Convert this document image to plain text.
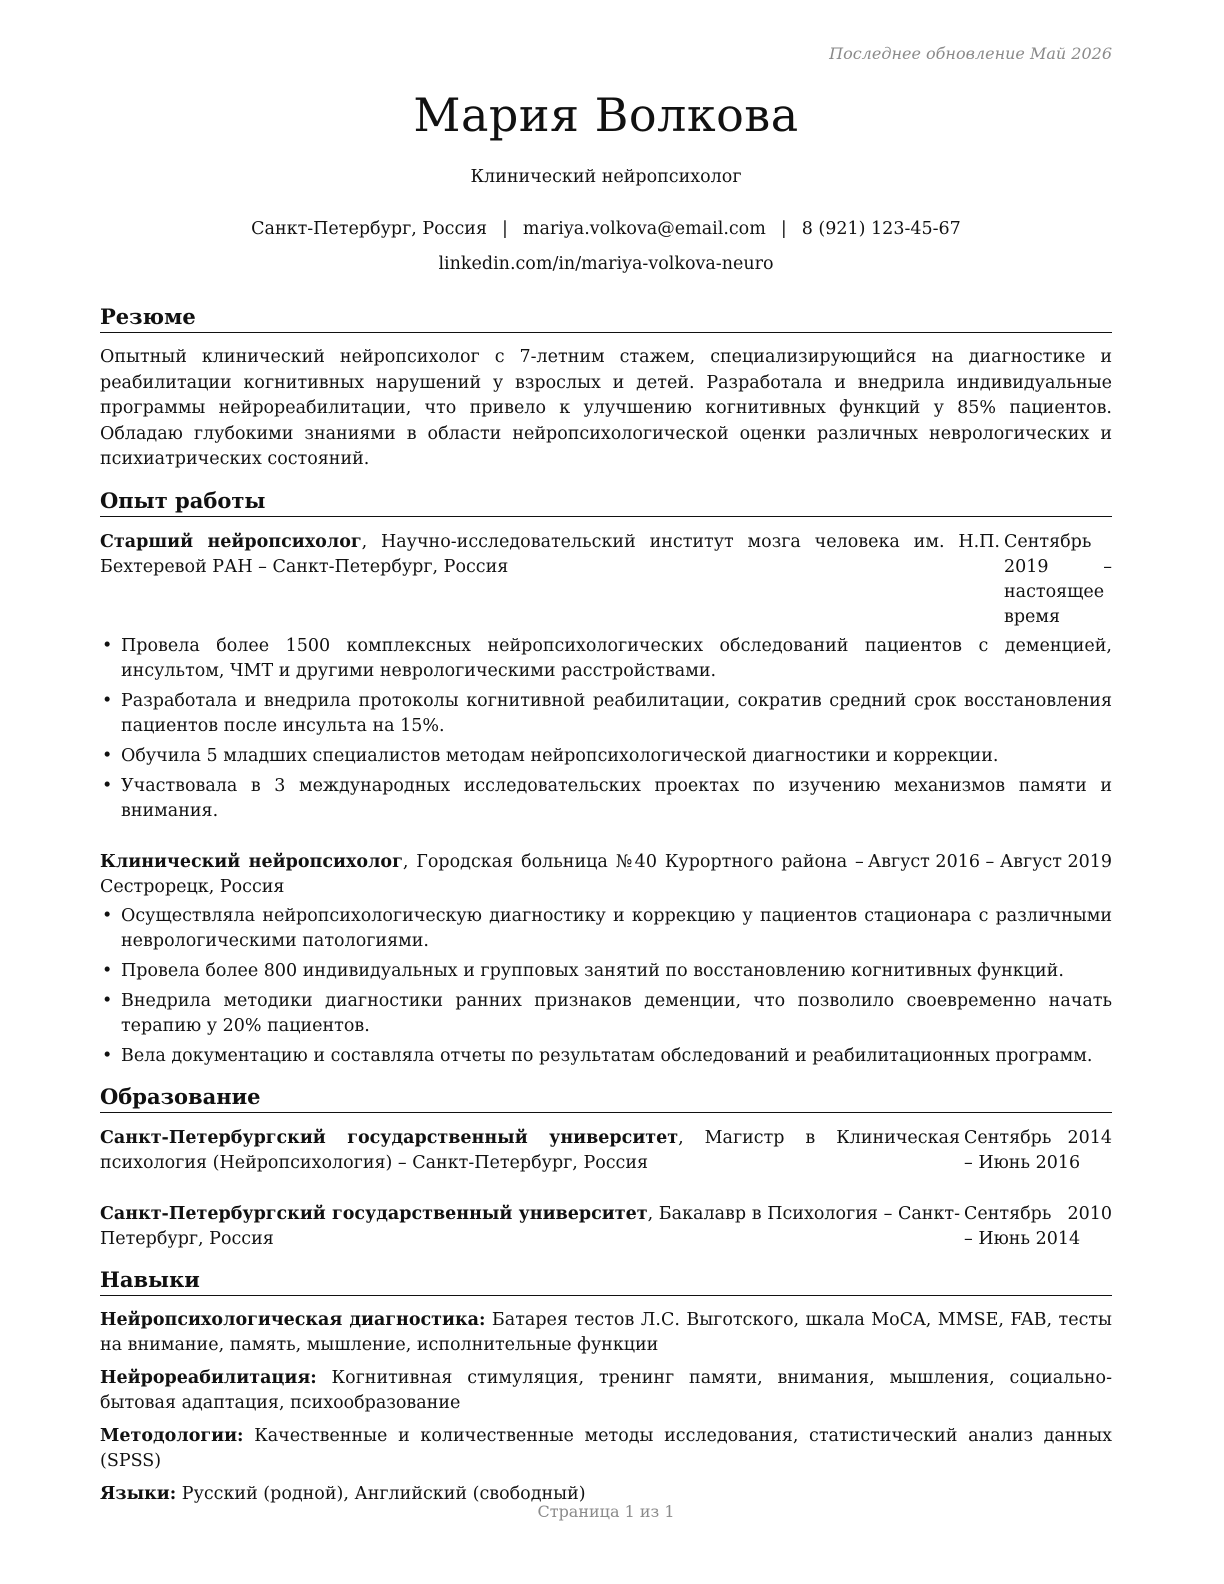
Последнее обновление Май 2026
Мария Волкова
Клинический нейропсихолог
Санкт-Петербург, Россия | mariya.volkova@email.com | 8 (921) 123-45-67
linkedin.com/in/mariya-volkova-neuro
Резюме

Опытный клинический нейропсихолог с 7-летним стажем, специализирующийся на диагностике и реабилитации когнитивных нарушений у взрослых и детей. Разработала и внедрила индивидуальные программы нейрореабилитации, что привело к улучшению когнитивных функций у 85% пациентов. Обладаю глубокими знаниями в области нейропсихологической оценки различных неврологических и психиатрических состояний.

Опыт работы
Старший нейропсихолог, Научно-исследовательский институт мозга человека им. Н.П. Бехтеревой РАН – Санкт-Петербург, Россия
Сентябрь 2019 – настоящее время
• Провела более 1500 комплексных нейропсихологических обследований пациентов с деменцией, инсультом, ЧМТ и другими неврологическими расстройствами.
• Разработала и внедрила протоколы когнитивной реабилитации, сократив средний срок восстановления пациентов после инсульта на 15%.
• Обучила 5 младших специалистов методам нейропсихологической диагностики и коррекции.
• Участвовала в 3 международных исследовательских проектах по изучению механизмов памяти и внимания.
Клинический нейропсихолог, Городская больница №40 Курортного района – Сестрорецк, Россия
Август 2016 – Август 2019
• Осуществляла нейропсихологическую диагностику и коррекцию у пациентов стационара с различными неврологическими патологиями.
• Провела более 800 индивидуальных и групповых занятий по восстановлению когнитивных функций.
• Внедрила методики диагностики ранних признаков деменции, что позволило своевременно начать терапию у 20% пациентов.
• Вела документацию и составляла отчеты по результатам обследований и реабилитационных программ.
Образование
Санкт-Петербургский государственный университет, Магистр в Клиническая психология (Нейропсихология) – Санкт-Петербург, Россия
Сентябрь 2014 – Июнь 2016
Санкт-Петербургский государственный университет, Бакалавр в Психология – Санкт-Петербург, Россия
Сентябрь 2010 – Июнь 2014
Навыки
Нейропсихологическая диагностика: Батарея тестов Л.С. Выготского, шкала MoCA, MMSE, FAB, тесты на внимание, память, мышление, исполнительные функции
Нейрореабилитация: Когнитивная стимуляция, тренинг памяти, внимания, мышления, социально-бытовая адаптация, психообразование
Методологии: Качественные и количественные методы исследования, статистический анализ данных (SPSS)
Языки: Русский (родной), Английский (свободный)
Страница 1 из 1
